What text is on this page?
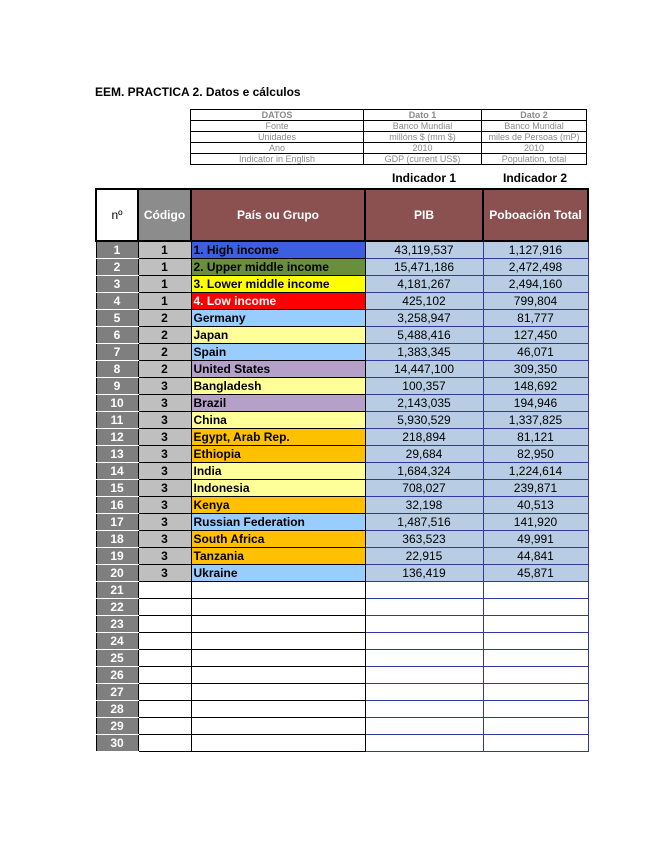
EEM. PRACTICA 2. Datos e cálculos
DATOS	Dato 1	Dato 2
Fonte	Banco Mundial	Banco Mundial
Unidades	millóns $ (mm $)	miles de Persoas (mP)
Ano	2010	2010
Indicator in English	GDP (current US$)	Population, total
Indicador 1	Indicador 2
nº	Código	País ou Grupo	PIB	Poboación Total
1	1	1. High income	43,119,537	1,127,916
2	1	2. Upper middle income	15,471,186	2,472,498
3	1	3. Lower middle income	4,181,267	2,494,160
4	1	4. Low income	425,102	799,804
5	2	Germany	3,258,947	81,777
6	2	Japan	5,488,416	127,450
7	2	Spain	1,383,345	46,071
8	2	United States	14,447,100	309,350
9	3	Bangladesh	100,357	148,692
10	3	Brazil	2,143,035	194,946
11	3	China	5,930,529	1,337,825
12	3	Egypt, Arab Rep.	218,894	81,121
13	3	Ethiopia	29,684	82,950
14	3	India	1,684,324	1,224,614
15	3	Indonesia	708,027	239,871
16	3	Kenya	32,198	40,513
17	3	Russian Federation	1,487,516	141,920
18	3	South Africa	363,523	49,991
19	3	Tanzania	22,915	44,841
20	3	Ukraine	136,419	45,871
21				
22				
23				
24				
25				
26				
27				
28				
29				
30				
